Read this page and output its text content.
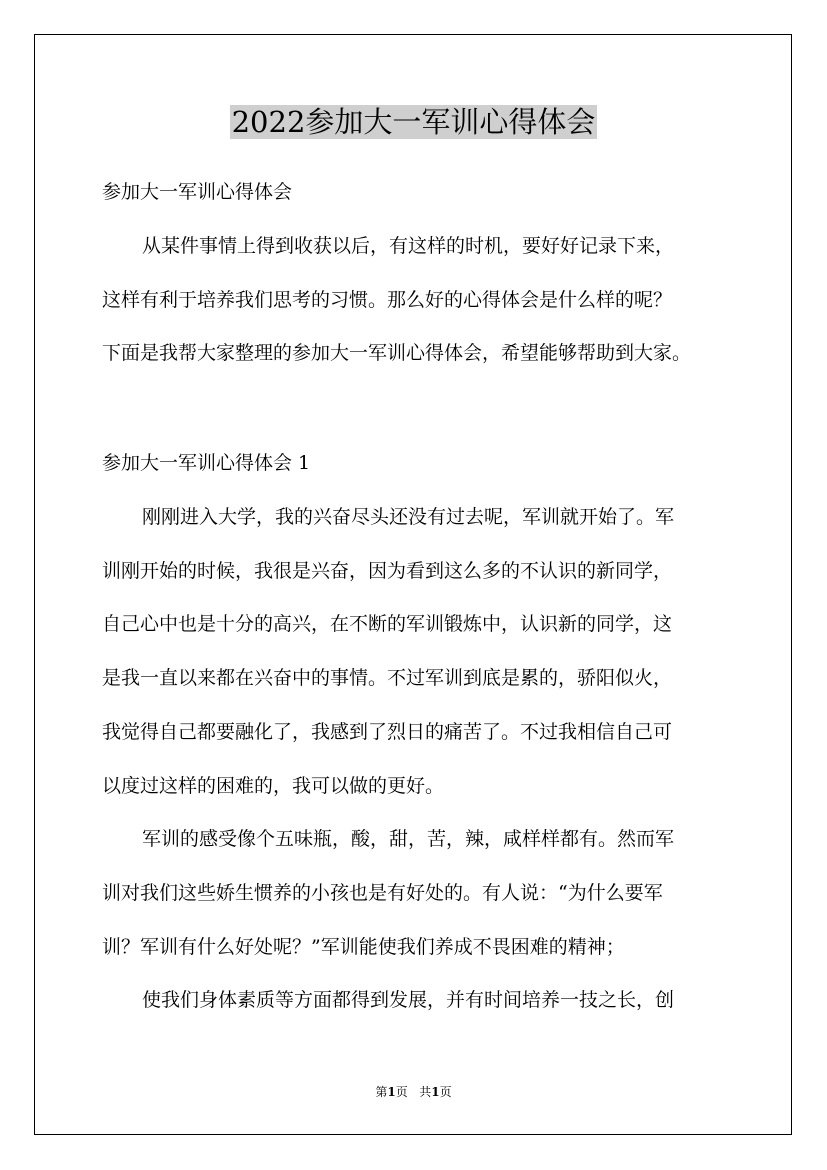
2022参加大一军训心得体会
参加大一军训心得体会
从某件事情上得到收获以后，有这样的时机，要好好记录下来，
这样有利于培养我们思考的习惯。那么好的心得体会是什么样的呢？
下面是我帮大家整理的参加大一军训心得体会，希望能够帮助到大家。
参加大一军训心得体会 1
刚刚进入大学，我的兴奋尽头还没有过去呢，军训就开始了。军
训刚开始的时候，我很是兴奋，因为看到这么多的不认识的新同学，
自己心中也是十分的高兴，在不断的军训锻炼中，认识新的同学，这
是我一直以来都在兴奋中的事情。不过军训到底是累的，骄阳似火，
我觉得自己都要融化了，我感到了烈日的痛苦了。不过我相信自己可
以度过这样的困难的，我可以做的更好。
军训的感受像个五味瓶，酸，甜，苦，辣，咸样样都有。然而军
训对我们这些娇生惯养的小孩也是有好处的。有人说：“为什么要军
训？军训有什么好处呢？”军训能使我们养成不畏困难的精神；
使我们身体素质等方面都得到发展，并有时间培养一技之长，创
第1页 共1页
